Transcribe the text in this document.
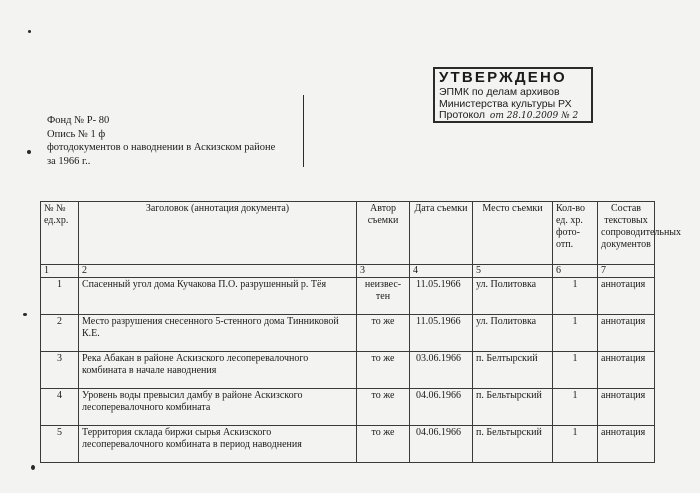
УТВЕРЖДЕНО
ЭПМК по делам архивов
Министерства культуры РХ
Протокол от 28.10.2009 № 2
Фонд № Р- 80
Опись № 1 ф
фотодокументов о наводнении в Аскизском районе
за 1966 г..
№ № ед.хр.	Заголовок (аннотация документа)	Автор съемки	Дата съемки	Место съемки	Кол-во ед. хр. фото- отп.	Состав текстовых сопроводительных документов
1	2	3	4	5	6	7
1	Спасенный угол дома Кучакова П.О. разрушенный р. Тёя	неизвес-тен	11.05.1966	ул. Политовка	1	аннотация
2	Место разрушения снесенного 5-стенного дома Тинниковой К.Е.	то же	11.05.1966	ул. Политовка	1	аннотация
3	Река Абакан в районе Аскизского лесоперевалочного комбината в начале наводнения	то же	03.06.1966	п. Белтырский	1	аннотация
4	Уровень воды превысил дамбу в районе Аскизского лесоперевалочного комбината	то же	04.06.1966	п. Бельтырский	1	аннотация
5	Территория склада биржи сырья Аскизского лесоперевалочного комбината в период наводнения	то же	04.06.1966	п. Бельтырский	1	аннотация
